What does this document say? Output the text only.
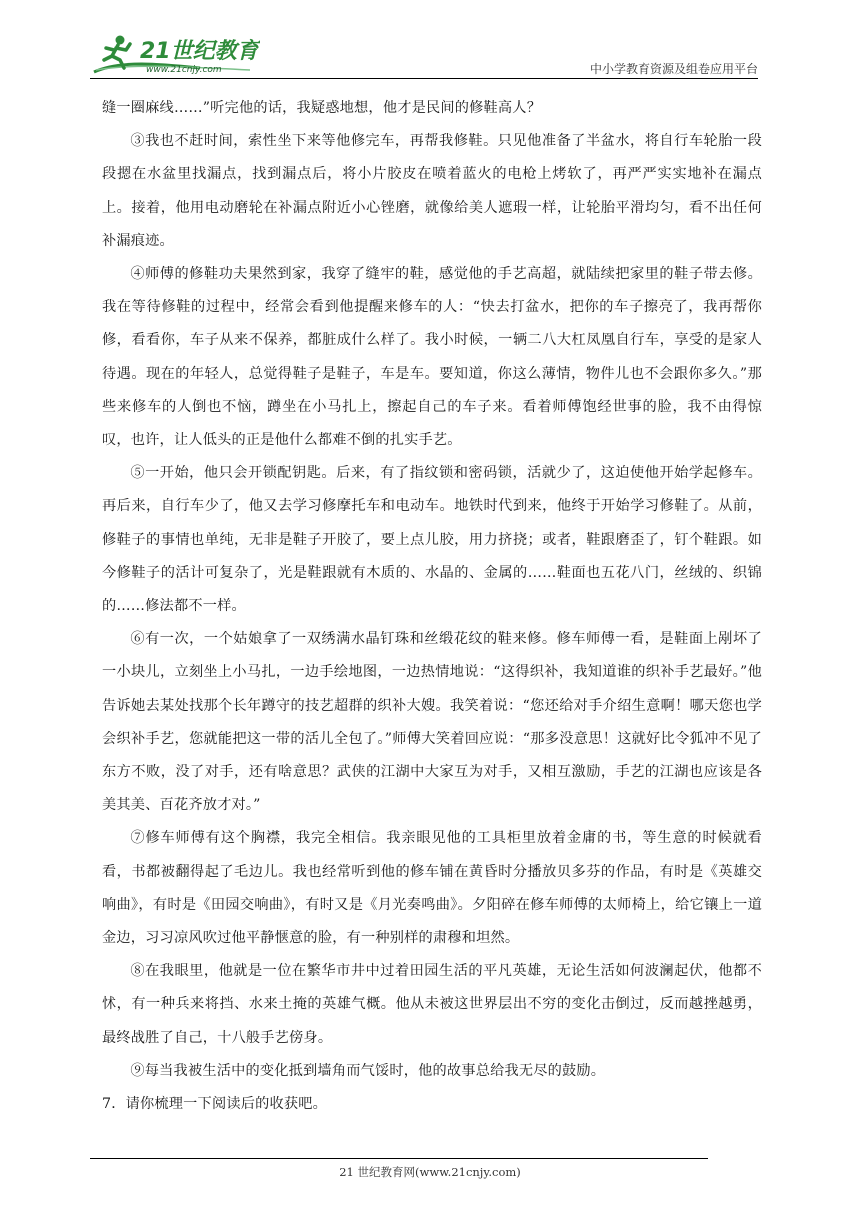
21世纪教育
www.21cnjy.com	中小学教育资源及组卷应用平台

缝一圈麻线……”听完他的话，我疑惑地想，他才是民间的修鞋高人？

③我也不赶时间，索性坐下来等他修完车，再帮我修鞋。只见他准备了半盆水，将自行车轮胎一段段摁在水盆里找漏点，找到漏点后，将小片胶皮在喷着蓝火的电枪上烤软了，再严严实实地补在漏点上。接着，他用电动磨轮在补漏点附近小心锉磨，就像给美人遮瑕一样，让轮胎平滑均匀，看不出任何补漏痕迹。

④师傅的修鞋功夫果然到家，我穿了缝牢的鞋，感觉他的手艺高超，就陆续把家里的鞋子带去修。我在等待修鞋的过程中，经常会看到他提醒来修车的人：“快去打盆水，把你的车子擦亮了，我再帮你修，看看你，车子从来不保养，都脏成什么样了。我小时候，一辆二八大杠凤凰自行车，享受的是家人待遇。现在的年轻人，总觉得鞋子是鞋子，车是车。要知道，你这么薄情，物件儿也不会跟你多久。”那些来修车的人倒也不恼，蹲坐在小马扎上，擦起自己的车子来。看着师傅饱经世事的脸，我不由得惊叹，也许，让人低头的正是他什么都难不倒的扎实手艺。

⑤一开始，他只会开锁配钥匙。后来，有了指纹锁和密码锁，活就少了，这迫使他开始学起修车。再后来，自行车少了，他又去学习修摩托车和电动车。地铁时代到来，他终于开始学习修鞋了。从前，修鞋子的事情也单纯，无非是鞋子开胶了，要上点儿胶，用力挤挠；或者，鞋跟磨歪了，钉个鞋跟。如今修鞋子的活计可复杂了，光是鞋跟就有木质的、水晶的、金属的……鞋面也五花八门，丝绒的、织锦的……修法都不一样。

⑥有一次，一个姑娘拿了一双绣满水晶钉珠和丝缎花纹的鞋来修。修车师傅一看，是鞋面上剐坏了一小块儿，立刻坐上小马扎，一边手绘地图，一边热情地说：“这得织补，我知道谁的织补手艺最好。”他告诉她去某处找那个长年蹲守的技艺超群的织补大嫂。我笑着说：“您还给对手介绍生意啊！哪天您也学会织补手艺，您就能把这一带的活儿全包了。”师傅大笑着回应说：“那多没意思！这就好比令狐冲不见了东方不败，没了对手，还有啥意思？武侠的江湖中大家互为对手，又相互激励，手艺的江湖也应该是各美其美、百花齐放才对。”

⑦修车师傅有这个胸襟，我完全相信。我亲眼见他的工具柜里放着金庸的书，等生意的时候就看看，书都被翻得起了毛边儿。我也经常听到他的修车铺在黄昏时分播放贝多芬的作品，有时是《英雄交响曲》，有时是《田园交响曲》，有时又是《月光奏鸣曲》。夕阳碎在修车师傅的太师椅上，给它镶上一道金边，习习凉风吹过他平静惬意的脸，有一种别样的肃穆和坦然。

⑧在我眼里，他就是一位在繁华市井中过着田园生活的平凡英雄，无论生活如何波澜起伏，他都不怵，有一种兵来将挡、水来土掩的英雄气概。他从未被这世界层出不穷的变化击倒过，反而越挫越勇，最终战胜了自己，十八般手艺傍身。

⑨每当我被生活中的变化抵到墙角而气馁时，他的故事总给我无尽的鼓励。

7．请你梳理一下阅读后的收获吧。

21 世纪教育网(www.21cnjy.com)
